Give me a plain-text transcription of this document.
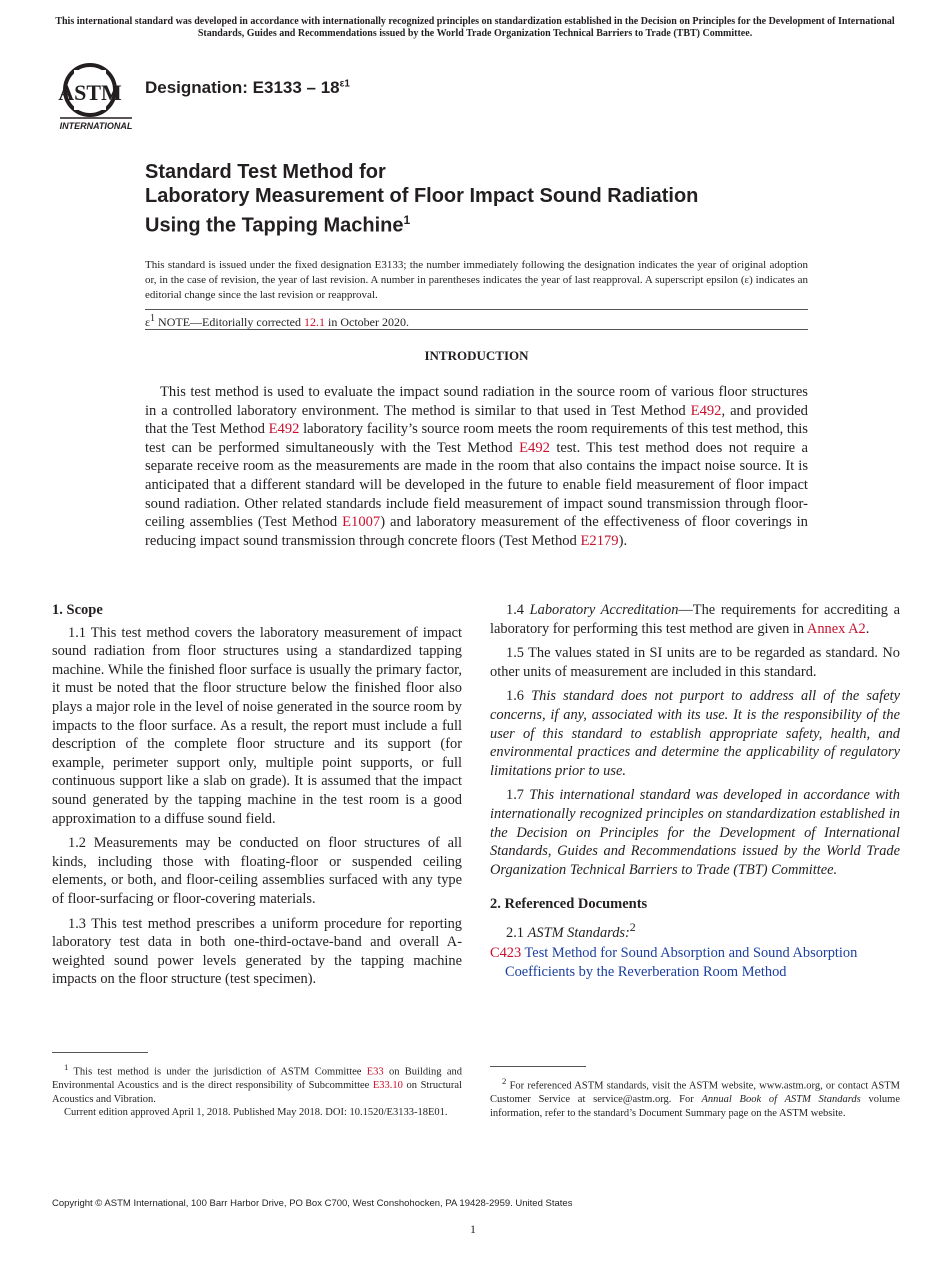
This international standard was developed in accordance with internationally recognized principles on standardization established in the Decision on Principles for the Development of International Standards, Guides and Recommendations issued by the World Trade Organization Technical Barriers to Trade (TBT) Committee.
ASTM
INTERNATIONAL
Designation: $E3133 - 18^{\varepsilon 1}$
Standard Test Method for
Laboratory Measurement of Floor Impact Sound Radiation
Using the Tapping Machine$^1$
This standard is issued under the fixed designation E3133; the number immediately following the designation indicates the year of original adoption or, in the case of revision, the year of last revision. A number in parentheses indicates the year of last reapproval. A superscript epsilon (ε) indicates an editorial change since the last revision or reapproval.
$\varepsilon^1$ NOTE—Editorially corrected 12.1 in October 2020.
INTRODUCTION

This test method is used to evaluate the impact sound radiation in the source room of various floor structures in a controlled laboratory environment. The method is similar to that used in Test Method E492, and provided that the Test Method E492 laboratory facility’s source room meets the room requirements of this test method, this test can be performed simultaneously with the Test Method E492 test. This test method does not require a separate receive room as the measurements are made in the room that also contains the impact noise source. It is anticipated that a different standard will be developed in the future to enable field measurement of floor impact sound radiation. Other related standards include field measurement of impact sound transmission through floor-ceiling assemblies (Test Method E1007) and laboratory measurement of the effectiveness of floor coverings in reducing impact sound transmission through concrete floors (Test Method E2179).

1. Scope

1.1 This test method covers the laboratory measurement of impact sound radiation from floor structures using a standardized tapping machine. While the finished floor surface is usually the primary factor, it must be noted that the floor structure below the finished floor also plays a major role in the level of noise generated in the source room by impacts to the floor surface. As a result, the report must include a full description of the complete floor structure and its support (for example, perimeter support only, multiple point supports, or full continuous support like a slab on grade). It is assumed that the impact sound generated by the tapping machine in the test room is a good approximation to a diffuse sound field.

1.2 Measurements may be conducted on floor structures of all kinds, including those with floating-floor or suspended ceiling elements, or both, and floor-ceiling assemblies surfaced with any type of floor-surfacing or floor-covering materials.

1.3 This test method prescribes a uniform procedure for reporting laboratory test data in both one-third-octave-band and overall A-weighted sound power levels generated by the tapping machine impacts on the floor structure (test specimen).

1.4 Laboratory Accreditation—The requirements for accrediting a laboratory for performing this test method are given in Annex A2.

1.5 The values stated in SI units are to be regarded as standard. No other units of measurement are included in this standard.

1.6 This standard does not purport to address all of the safety concerns, if any, associated with its use. It is the responsibility of the user of this standard to establish appropriate safety, health, and environmental practices and determine the applicability of regulatory limitations prior to use.

1.7 This international standard was developed in accordance with internationally recognized principles on standardization established in the Decision on Principles for the Development of International Standards, Guides and Recommendations issued by the World Trade Organization Technical Barriers to Trade (TBT) Committee.

2. Referenced Documents

2.1 ASTM Standards:$^2$

C423 Test Method for Sound Absorption and Sound Absorption Coefficients by the Reverberation Room Method

$^1$ This test method is under the jurisdiction of ASTM Committee E33 on Building and Environmental Acoustics and is the direct responsibility of Subcommittee E33.10 on Structural Acoustics and Vibration.

Current edition approved April 1, 2018. Published May 2018. DOI: 10.1520/E3133-18E01.

$^2$ For referenced ASTM standards, visit the ASTM website, www.astm.org, or contact ASTM Customer Service at service@astm.org. For Annual Book of ASTM Standards volume information, refer to the standard’s Document Summary page on the ASTM website.

Copyright © ASTM International, 100 Barr Harbor Drive, PO Box C700, West Conshohocken, PA 19428-2959. United States
1
